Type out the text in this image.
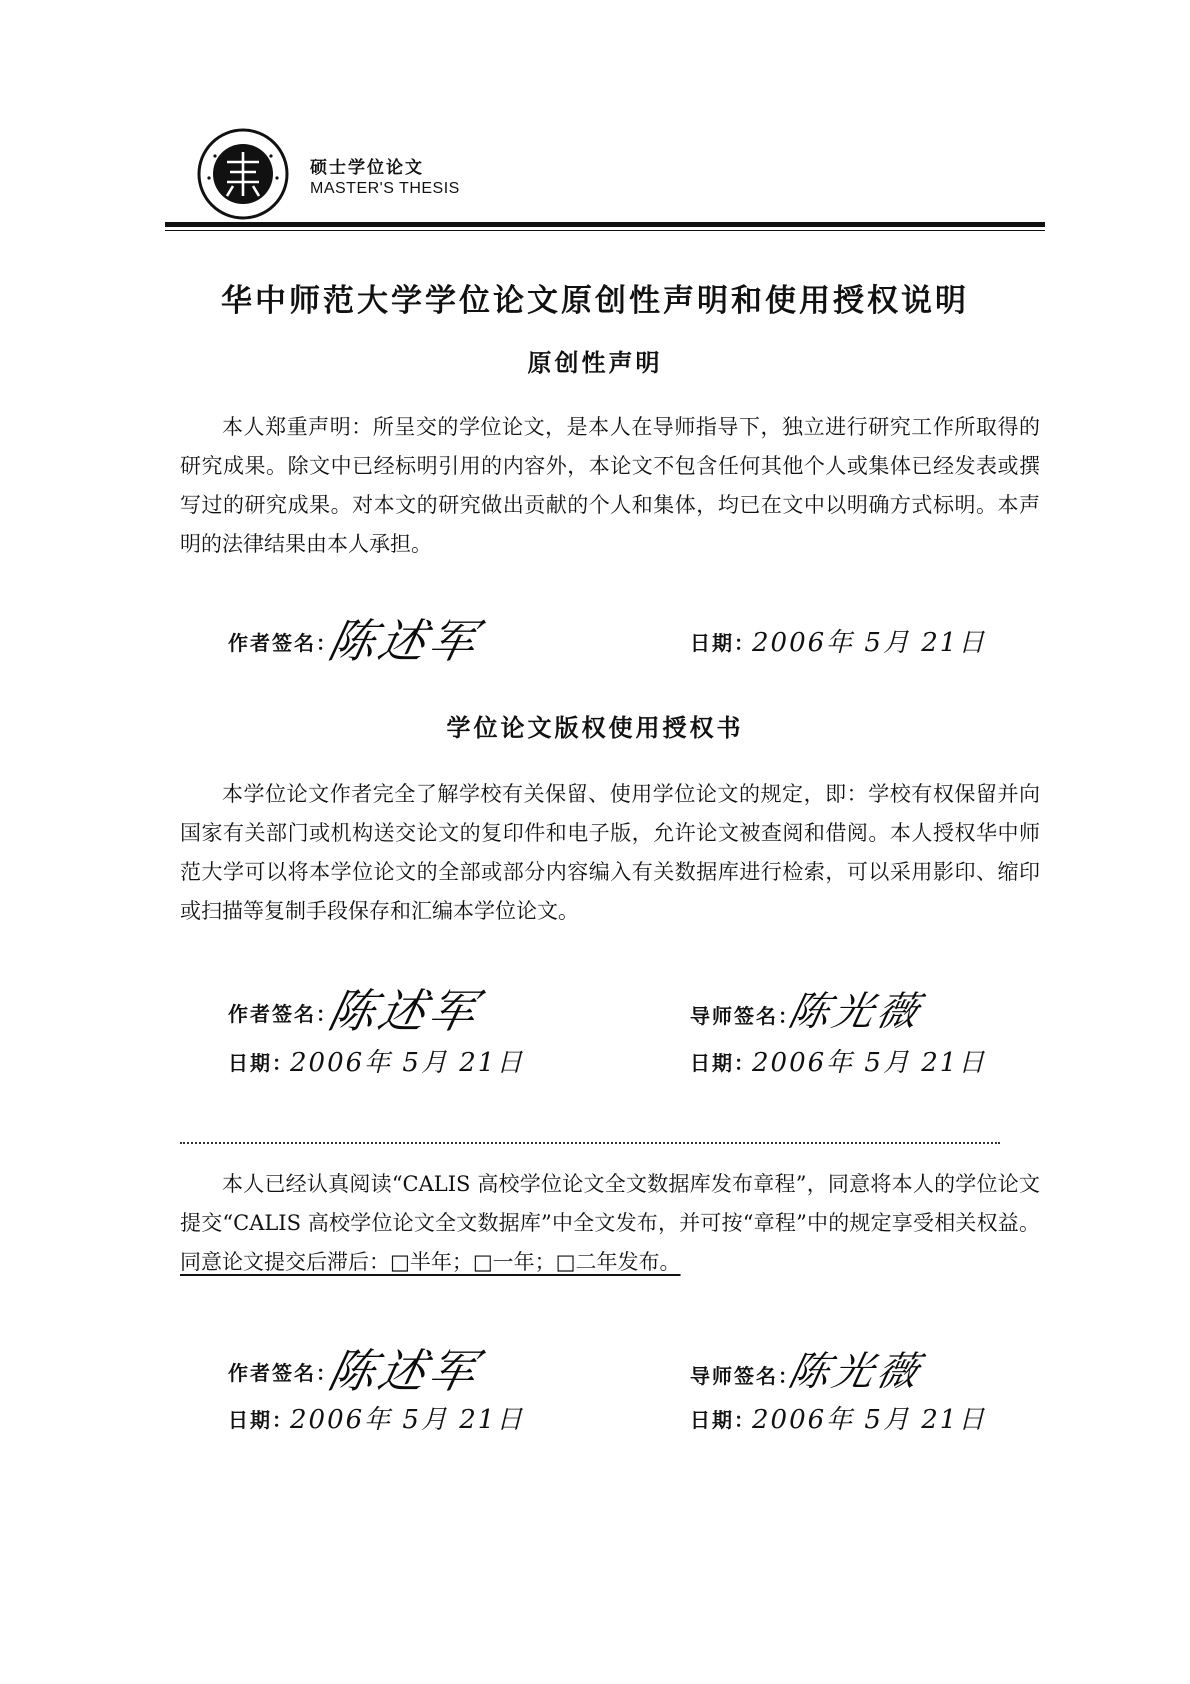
硕士学位论文
MASTER'S THESIS
华中师范大学学位论文原创性声明和使用授权说明
原创性声明
本人郑重声明：所呈交的学位论文，是本人在导师指导下，独立进行研究工作所取得的研究成果。除文中已经标明引用的内容外，本论文不包含任何其他个人或集体已经发表或撰写过的研究成果。对本文的研究做出贡献的个人和集体，均已在文中以明确方式标明。本声明的法律结果由本人承担。
作者签名：
陈述军	日期：
2006年 5月 21日
学位论文版权使用授权书
本学位论文作者完全了解学校有关保留、使用学位论文的规定，即：学校有权保留并向国家有关部门或机构送交论文的复印件和电子版，允许论文被查阅和借阅。本人授权华中师范大学可以将本学位论文的全部或部分内容编入有关数据库进行检索，可以采用影印、缩印或扫描等复制手段保存和汇编本学位论文。
作者签名：
陈述军
日期：
2006年 5月 21日
导师签名：
陈光薇
日期：
2006年 5月 21日
本人已经认真阅读“CALIS 高校学位论文全文数据库发布章程”，同意将本人的学位论文提交“CALIS 高校学位论文全文数据库”中全文发布，并可按“章程”中的规定享受相关权益。同意论文提交后滞后：□半年；□一年；□二年发布。
作者签名：
陈述军
日期：
2006年 5月 21日
导师签名：
陈光薇
日期：
2006年 5月 21日
